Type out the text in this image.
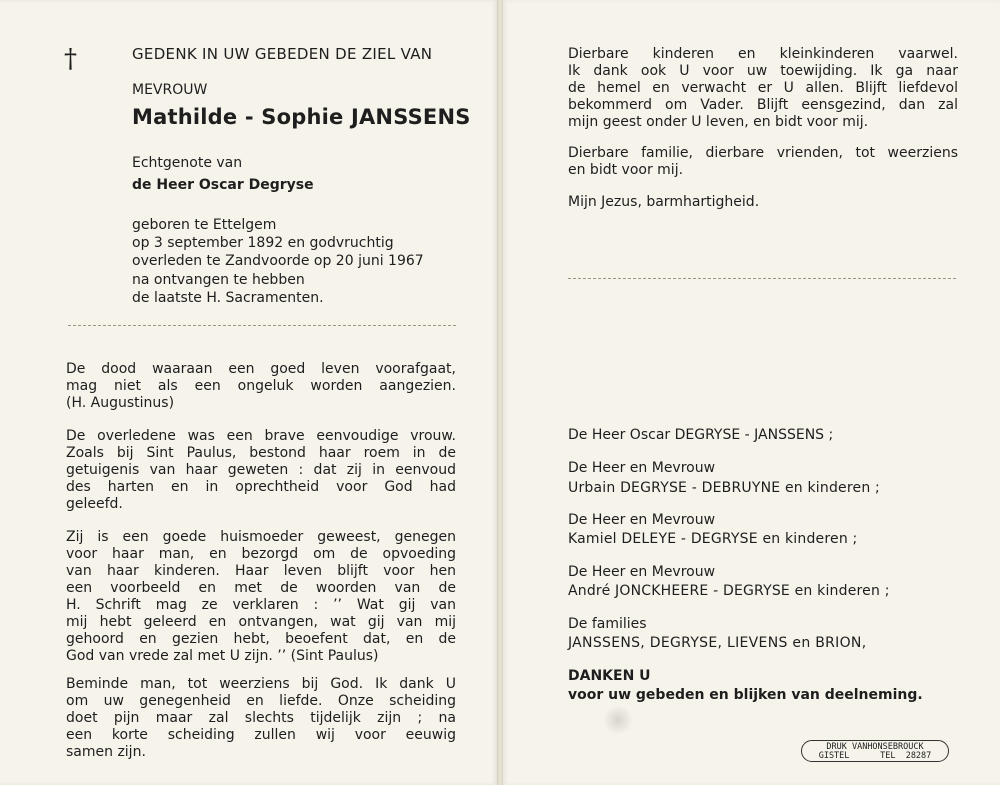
†	GEDENK IN UW GEBEDEN DE ZIEL VAN
MEVROUW
Mathilde - Sophie JANSSENS
Echtgenote van
de Heer Oscar Degryse
geboren te Ettelgem
op 3 september 1892 en godvruchtig
overleden te Zandvoorde op 20 juni 1967
na ontvangen te hebben
de laatste H. Sacramenten.
De dood waaraan een goed leven voorafgaat,
mag niet als een ongeluk worden aangezien.
(H. Augustinus)
De overledene was een brave eenvoudige vrouw.
Zoals bij Sint Paulus, bestond haar roem in de
getuigenis van haar geweten : dat zij in eenvoud
des harten en in oprechtheid voor God had
geleefd.
Zij is een goede huismoeder geweest, genegen
voor haar man, en bezorgd om de opvoeding
van haar kinderen. Haar leven blijft voor hen
een voorbeeld en met de woorden van de
H. Schrift mag ze verklaren : ’’ Wat gij van
mij hebt geleerd en ontvangen, wat gij van mij
gehoord en gezien hebt, beoefent dat, en de
God van vrede zal met U zijn. ’’ (Sint Paulus)
Beminde man, tot weerziens bij God. Ik dank U
om uw genegenheid en liefde. Onze scheiding
doet pijn maar zal slechts tijdelijk zijn ; na
een korte scheiding zullen wij voor eeuwig
samen zijn.
Dierbare kinderen en kleinkinderen vaarwel.
Ik dank ook U voor uw toewijding. Ik ga naar
de hemel en verwacht er U allen. Blijft liefdevol
bekommerd om Vader. Blijft eensgezind, dan zal
mijn geest onder U leven, en bidt voor mij.
Dierbare familie, dierbare vrienden, tot weerziens
en bidt voor mij.
Mijn Jezus, barmhartigheid.
De Heer Oscar DEGRYSE - JANSSENS ;
De Heer en Mevrouw
Urbain DEGRYSE - DEBRUYNE en kinderen ;
De Heer en Mevrouw
Kamiel DELEYE - DEGRYSE en kinderen ;
De Heer en Mevrouw
André JONCKHEERE - DEGRYSE en kinderen ;
De families
JANSSENS, DEGRYSE, LIEVENS en BRION,
DANKEN U
voor uw gebeden en blijken van deelneming.
DRUK VANHONSEBROUCK
GISTEL      TEL  28287
